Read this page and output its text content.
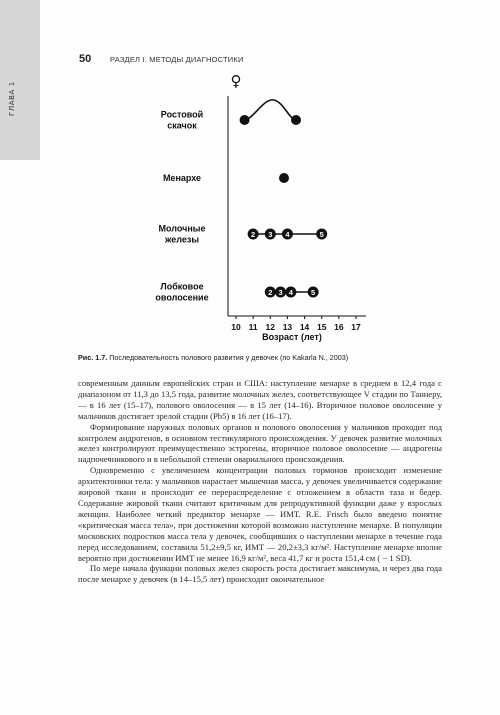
ГЛАВА 1
50	РАЗДЕЛ I. МЕТОДЫ ДИАГНОСТИКИ
♀
Ростовой
скачок
Менархе
Молочные
железы
Лобковое
оволосение
2 3 4	5
2 3 4 5
10 11 12 13 14 15 16 17
Возраст (лет)
Рис. 1.7. Последовательность полового развития у девочек (по Kakarla N., 2003)

современным данным европейских стран и США: наступление менархе в среднем в 12,4 года с диапазоном от 11,3 до 13,5 года, развитие молочных желез, соответствующее V стадии по Таннеру, — в 16 лет (15–17), полового оволосения — в 15 лет (14–16). Вторичное половое оволосение у мальчиков достигает зрелой стадии (Pb5) в 16 лет (16–17).

Формирование наружных половых органов и полового оволосения у мальчиков проходит под контролем андрогенов, в основном тестикулярного происхождения. У девочек развитие молочных желез контролируют преимущественно эстрогены, вторичное половое оволосение — андрогены надпочечникового и в небольшой степени овариального происхождения.

Одновременно с увеличением концентрации половых гормонов происходит изменение архитектоники тела: у мальчиков нарастает мышечная масса, у девочек увеличивается содержание жировой ткани и происходит ее перераспределение с отложением в области таза и бедер. Содержание жировой ткани считают критичным для репродуктивной функции даже у взрослых женщин. Наиболее четкий предиктор менархе — ИМТ. R.E. Frisch было введено понятие «критическая масса тела», при достижении которой возможно наступление менархе. В популяции московских подростков масса тела у девочек, сообщивших о наступлении менархе в течение года перед исследованием, составила 51,2±9,5 кг, ИМТ — 20,2±3,3 кг/м². Наступление менархе вполне вероятно при достижении ИМТ не менее 16,9 кг/м², веса 41,7 кг и роста 151,4 см ( − 1 SD).

По мере начала функции половых желез скорость роста достигает максимума, и через два года после менархе у девочек (в 14–15,5 лет) происходит окончательное
